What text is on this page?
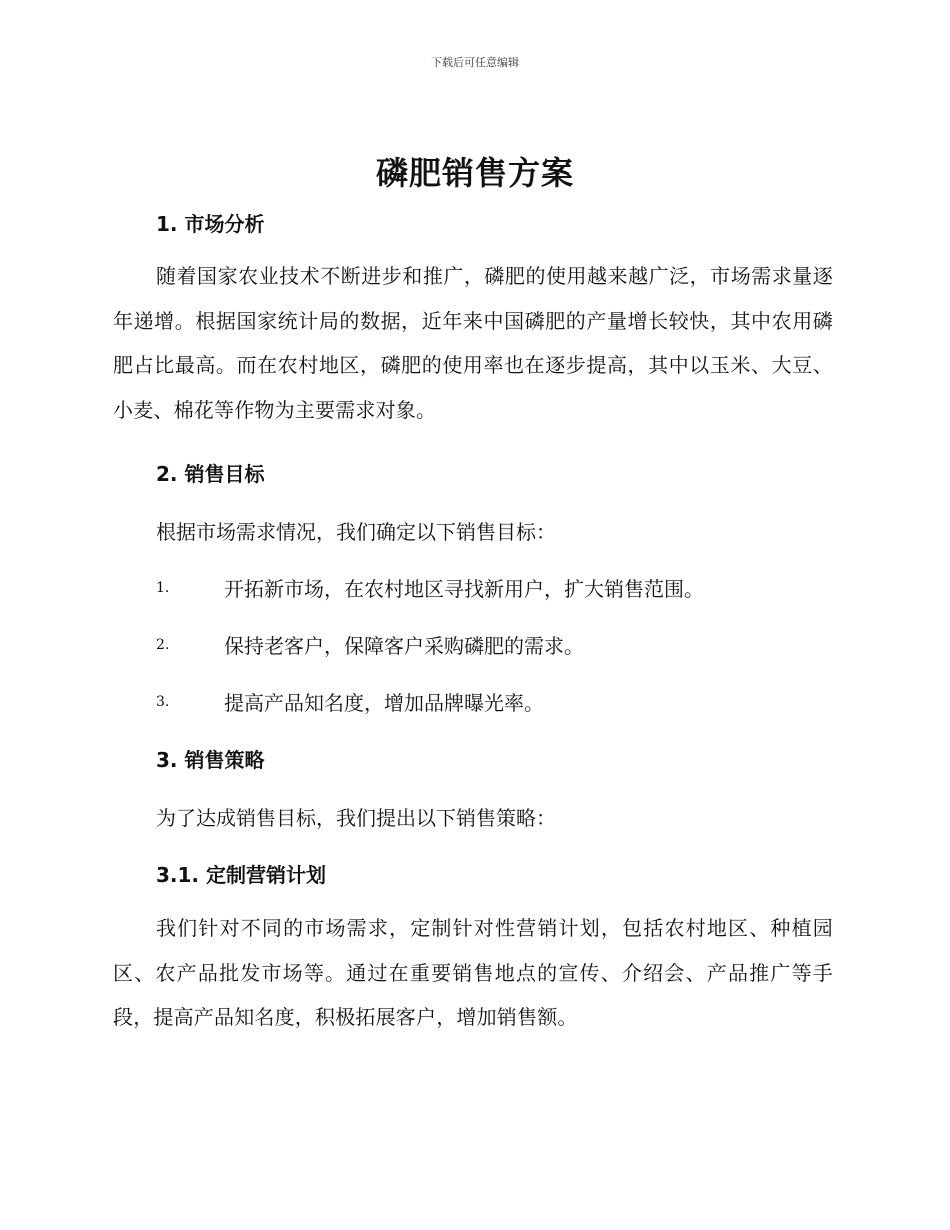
下载后可任意编辑
磷肥销售方案
1. 市场分析
随着国家农业技术不断进步和推广，磷肥的使用越来越广泛，市场需求量逐年递增。根据国家统计局的数据，近年来中国磷肥的产量增长较快，其中农用磷肥占比最高。而在农村地区，磷肥的使用率也在逐步提高，其中以玉米、大豆、小麦、棉花等作物为主要需求对象。
2. 销售目标
根据市场需求情况，我们确定以下销售目标：
1.	开拓新市场，在农村地区寻找新用户，扩大销售范围。
2.	保持老客户，保障客户采购磷肥的需求。
3.	提高产品知名度，增加品牌曝光率。
3. 销售策略
为了达成销售目标，我们提出以下销售策略：
3.1. 定制营销计划
我们针对不同的市场需求，定制针对性营销计划，包括农村地区、种植园区、农产品批发市场等。通过在重要销售地点的宣传、介绍会、产品推广等手段，提高产品知名度，积极拓展客户，增加销售额。
